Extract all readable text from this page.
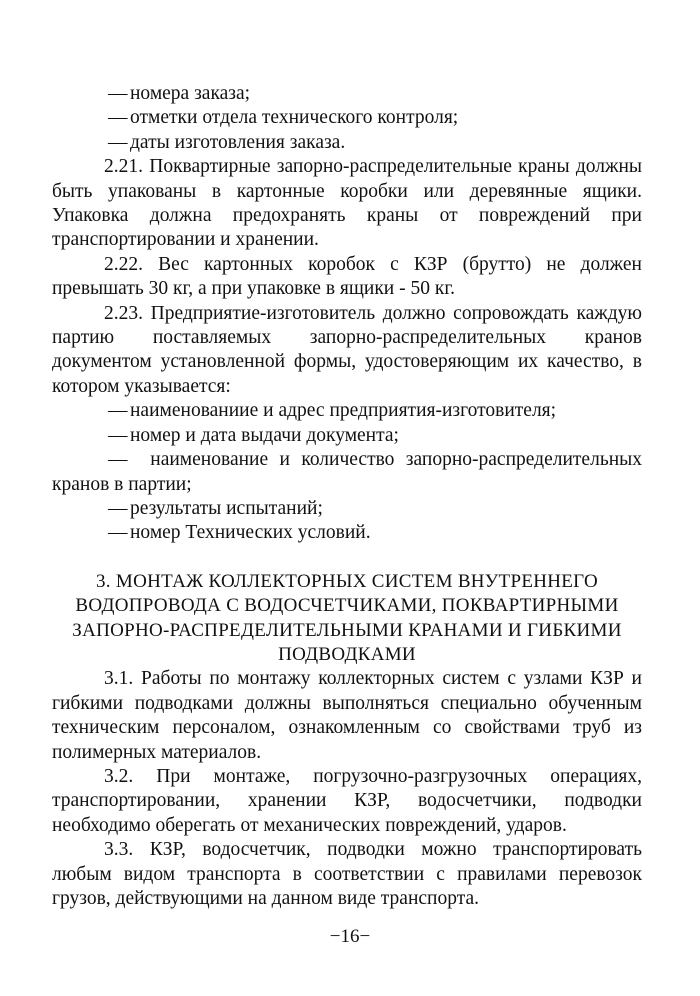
— номера заказа;
— отметки отдела технического контроля;
— даты изготовления заказа.

2.21. Поквартирные запорно-распределительные краны должны быть упакованы в картонные коробки или деревянные ящики. Упаковка должна предохранять краны от повреждений при транспортировании и хранении.

2.22. Вес картонных коробок с КЗР (брутто) не должен превышать 30 кг, а при упаковке в ящики - 50 кг.

2.23. Предприятие-изготовитель должно сопровождать каждую партию поставляемых запорно-распределительных кранов документом установленной формы, удостоверяющим их качество, в котором указывается:

— наименованиие и адрес предприятия-изготовителя;
— номер и дата выдачи документа;

— наименование и количество запорно-распределительных кранов в партии;

— результаты испытаний;
— номер Технических условий.

3. МОНТАЖ КОЛЛЕКТОРНЫХ СИСТЕМ ВНУТРЕННЕГО ВОДОПРОВОДА С ВОДОСЧЕТЧИКАМИ, ПОКВАРТИРНЫМИ ЗАПОРНО-РАСПРЕДЕЛИТЕЛЬНЫМИ КРАНАМИ И ГИБКИМИ ПОДВОДКАМИ

3.1. Работы по монтажу коллекторных систем с узлами КЗР и гибкими подводками должны выполняться специально обученным техническим персоналом, ознакомленным со свойствами труб из полимерных материалов.

3.2. При монтаже, погрузочно-разгрузочных операциях, транспортировании, хранении КЗР, водосчетчики, подводки необходимо оберегать от механических повреждений, ударов.

3.3. КЗР, водосчетчик, подводки можно транспортировать любым видом транспорта в соответствии с правилами перевозок грузов, действующими на данном виде транспорта.

−16−
